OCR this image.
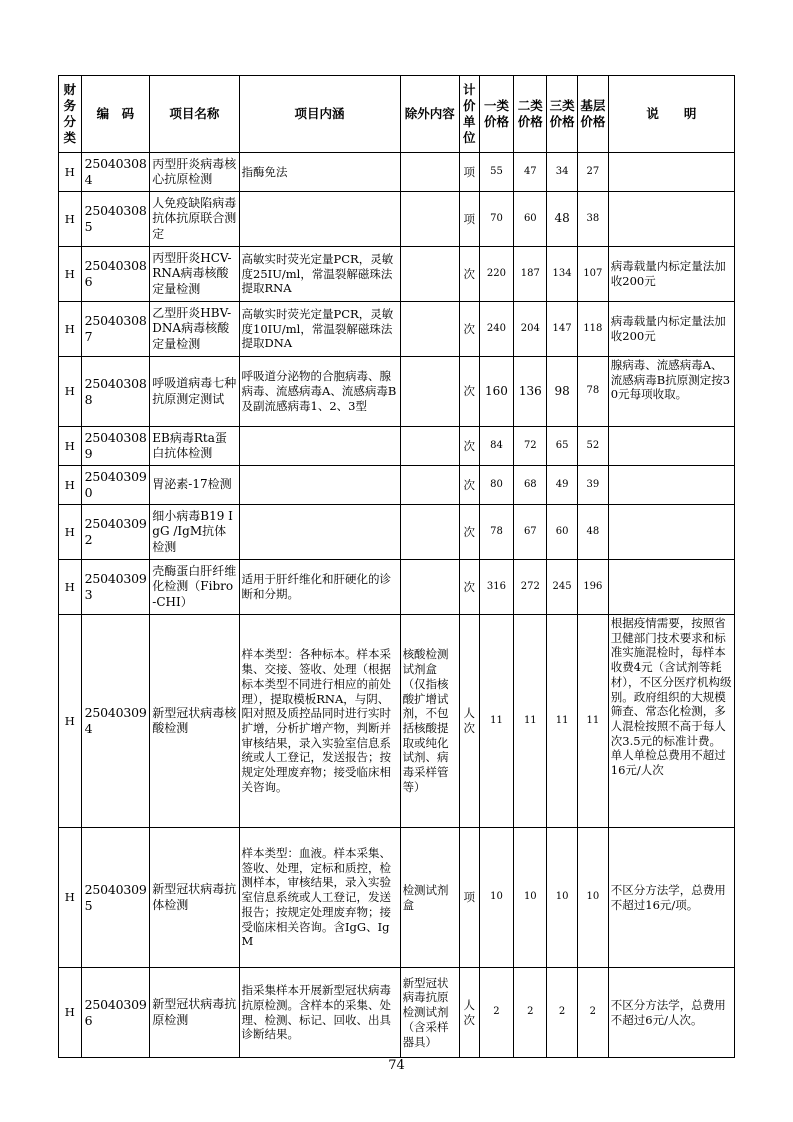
财务分类	编　码	项目名称	项目内涵	除外内容	计价单位	一类价格	二类价格	三类价格	基层价格	说　　明
H	250403084	丙型肝炎病毒核心抗原检测	指酶免法		项	55	47	34	27	
H	250403085	人免疫缺陷病毒抗体抗原联合测定			项	70	60	48	38	
H	250403086	丙型肝炎HCV-RNA病毒核酸定量检测	高敏实时荧光定量PCR，灵敏度25IU/ml，常温裂解磁珠法提取RNA		次	220	187	134	107	病毒载量内标定量法加收200元
H	250403087	乙型肝炎HBV-DNA病毒核酸定量检测	高敏实时荧光定量PCR，灵敏度10IU/ml，常温裂解磁珠法提取DNA		次	240	204	147	118	病毒载量内标定量法加收200元
H	250403088	呼吸道病毒七种抗原测定测试	呼吸道分泌物的合胞病毒、腺病毒、流感病毒A、流感病毒B及副流感病毒1、2、3型		次	160	136	98	78	腺病毒、流感病毒A、流感病毒B抗原测定按30元每项收取。
H	250403089	EB病毒Rta蛋白抗体检测			次	84	72	65	52	
H	250403090	胃泌素-17检测			次	80	68	49	39	
H	250403092	细小病毒B19 IgG /IgM抗体检测			次	78	67	60	48	
H	250403093	壳酶蛋白肝纤维化检测（Fibro-CHI）	适用于肝纤维化和肝硬化的诊断和分期。		次	316	272	245	196	
H	250403094	新型冠状病毒核酸检测	样本类型：各种标本。样本采集、交接、签收、处理（根据标本类型不同进行相应的前处理），提取模板RNA，与阴、阳对照及质控品同时进行实时扩增，分析扩增产物，判断并审核结果，录入实验室信息系统或人工登记，发送报告；按规定处理废弃物；接受临床相关咨询。	核酸检测试剂盒（仅指核酸扩增试剂，不包括核酸提取或纯化试剂、病毒采样管等）	人次	11	11	11	11	根据疫情需要，按照省卫健部门技术要求和标准实施混检时，每样本收费4元（含试剂等耗材），不区分医疗机构级别。政府组织的大规模筛查、常态化检测，多人混检按照不高于每人次3.5元的标准计费。单人单检总费用不超过16元/人次
H	250403095	新型冠状病毒抗体检测	样本类型：血液。样本采集、签收、处理，定标和质控，检测样本，审核结果，录入实验室信息系统或人工登记，发送报告；按规定处理废弃物；接受临床相关咨询。含IgG、IgM	检测试剂盒	项	10	10	10	10	不区分方法学，总费用不超过16元/项。
H	250403096	新型冠状病毒抗原检测	指采集样本开展新型冠状病毒抗原检测。含样本的采集、处理、检测、标记、回收、出具诊断结果。	新型冠状病毒抗原检测试剂（含采样器具）	人次	2	2	2	2	不区分方法学，总费用不超过6元/人次。
74
